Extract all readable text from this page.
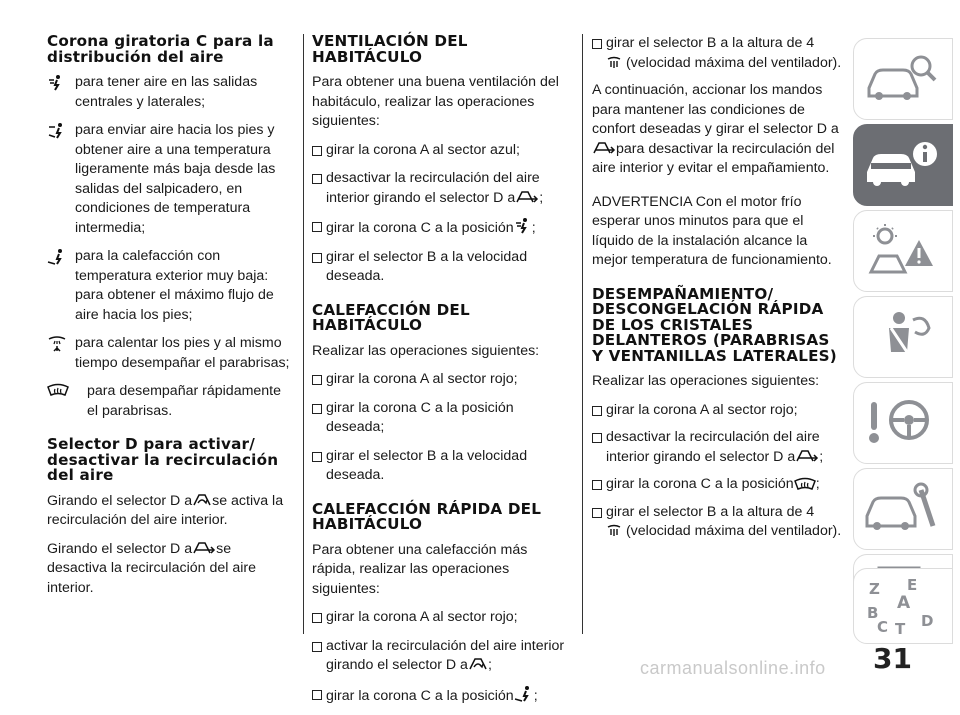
Corona giratoria C para la distribución del aire
para tener aire en las salidas centrales y laterales;
para enviar aire hacia los pies y obtener aire a una temperatura ligeramente más baja desde las salidas del salpicadero, en condiciones de temperatura intermedia;
para la calefacción con temperatura exterior muy baja: para obtener el máximo flujo de aire hacia los pies;
para calentar los pies y al mismo tiempo desempañar el parabrisas;
para desempañar rápidamente el parabrisas.
Selector D para activar/ desactivar la recirculación del aire

Girando el selector D a se activa la recirculación del aire interior.

Girando el selector D a se desactiva la recirculación del aire interior.

VENTILACIÓN DEL HABITÁCULO

Para obtener una buena ventilación del habitáculo, realizar las operaciones siguientes:

girar la corona A al sector azul;
desactivar la recirculación del aire interior girando el selector D a ;
girar la corona C a la posición ;
girar el selector B a la velocidad deseada.
CALEFACCIÓN DEL HABITÁCULO

Realizar las operaciones siguientes:

girar la corona A al sector rojo;
girar la corona C a la posición deseada;
girar el selector B a la velocidad deseada.
CALEFACCIÓN RÁPIDA DEL HABITÁCULO

Para obtener una calefacción más rápida, realizar las operaciones siguientes:

girar la corona A al sector rojo;
activar la recirculación del aire interior girando el selector D a ;
girar la corona C a la posición ;
girar el selector B a la altura de 4
(velocidad máxima del ventilador).

A continuación, accionar los mandos para mantener las condiciones de confort deseadas y girar el selector D a
para desactivar la recirculación del aire interior y evitar el empañamiento.

ADVERTENCIA Con el motor frío esperar unos minutos para que el líquido de la instalación alcance la mejor temperatura de funcionamiento.

DESEMPAÑAMIENTO/ DESCONGELACIÓN RÁPIDA DE LOS CRISTALES DELANTEROS (PARABRISAS Y VENTANILLAS LATERALES)

Realizar las operaciones siguientes:

girar la corona A al sector rojo;
desactivar la recirculación del aire interior girando el selector D a ;
girar la corona C a la posición ;
girar el selector B a la altura de 4
(velocidad máxima del ventilador).
Z E
A
B
C T D
31
carmanualsonline.info
